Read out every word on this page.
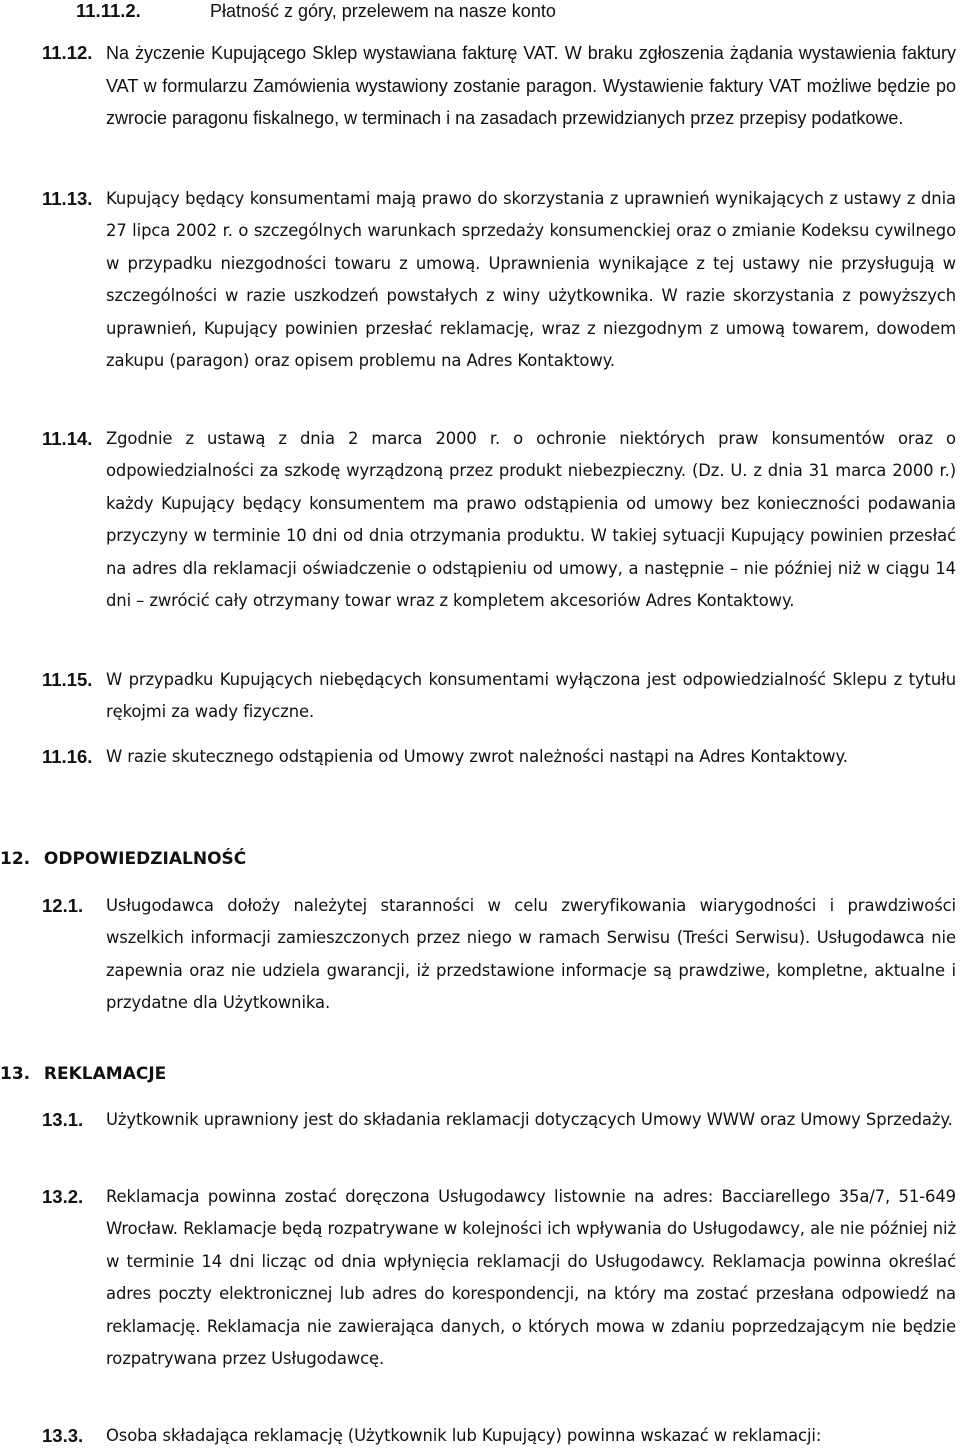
11.11.2.	Płatność z góry, przelewem na nasze konto
11.12. Na życzenie Kupującego Sklep wystawiana fakturę VAT. W braku zgłoszenia żądania wystawienia faktury VAT w formularzu Zamówienia wystawiony zostanie paragon. Wystawienie faktury VAT możliwe będzie po zwrocie paragonu fiskalnego, w terminach i na zasadach przewidzianych przez przepisy podatkowe.
11.13. Kupujący będący konsumentami mają prawo do skorzystania z uprawnień wynikających z ustawy z dnia 27 lipca 2002 r. o szczególnych warunkach sprzedaży konsumenckiej oraz o zmianie Kodeksu cywilnego w przypadku niezgodności towaru z umową. Uprawnienia wynikające z tej ustawy nie przysługują w szczególności w razie uszkodzeń powstałych z winy użytkownika. W razie skorzystania z powyższych uprawnień, Kupujący powinien przesłać reklamację, wraz z niezgodnym z umową towarem, dowodem zakupu (paragon) oraz opisem problemu na Adres Kontaktowy.
11.14. Zgodnie z ustawą z dnia 2 marca 2000 r. o ochronie niektórych praw konsumentów oraz o odpowiedzialności za szkodę wyrządzoną przez produkt niebezpieczny. (Dz. U. z dnia 31 marca 2000 r.) każdy Kupujący będący konsumentem ma prawo odstąpienia od umowy bez konieczności podawania przyczyny w terminie 10 dni od dnia otrzymania produktu. W takiej sytuacji Kupujący powinien przesłać na adres dla reklamacji oświadczenie o odstąpieniu od umowy, a następnie – nie później niż w ciągu 14 dni – zwrócić cały otrzymany towar wraz z kompletem akcesoriów Adres Kontaktowy.
11.15. W przypadku Kupujących niebędących konsumentami wyłączona jest odpowiedzialność Sklepu z tytułu rękojmi za wady fizyczne.
11.16. W razie skutecznego odstąpienia od Umowy zwrot należności nastąpi na Adres Kontaktowy.
12. ODPOWIEDZIALNOŚĆ
12.1. Usługodawca dołoży należytej staranności w celu zweryfikowania wiarygodności i prawdziwości wszelkich informacji zamieszczonych przez niego w ramach Serwisu (Treści Serwisu). Usługodawca nie zapewnia oraz nie udziela gwarancji, iż przedstawione informacje są prawdziwe, kompletne, aktualne i przydatne dla Użytkownika.
13. REKLAMACJE
13.1. Użytkownik uprawniony jest do składania reklamacji dotyczących Umowy WWW oraz Umowy Sprzedaży.
13.2. Reklamacja powinna zostać doręczona Usługodawcy listownie na adres: Bacciarellego 35a/7, 51-649 Wrocław. Reklamacje będą rozpatrywane w kolejności ich wpływania do Usługodawcy, ale nie później niż w terminie 14 dni licząc od dnia wpłynięcia reklamacji do Usługodawcy. Reklamacja powinna określać adres poczty elektronicznej lub adres do korespondencji, na który ma zostać przesłana odpowiedź na reklamację. Reklamacja nie zawierająca danych, o których mowa w zdaniu poprzedzającym nie będzie rozpatrywana przez Usługodawcę.
13.3. Osoba składająca reklamację (Użytkownik lub Kupujący) powinna wskazać w reklamacji:
